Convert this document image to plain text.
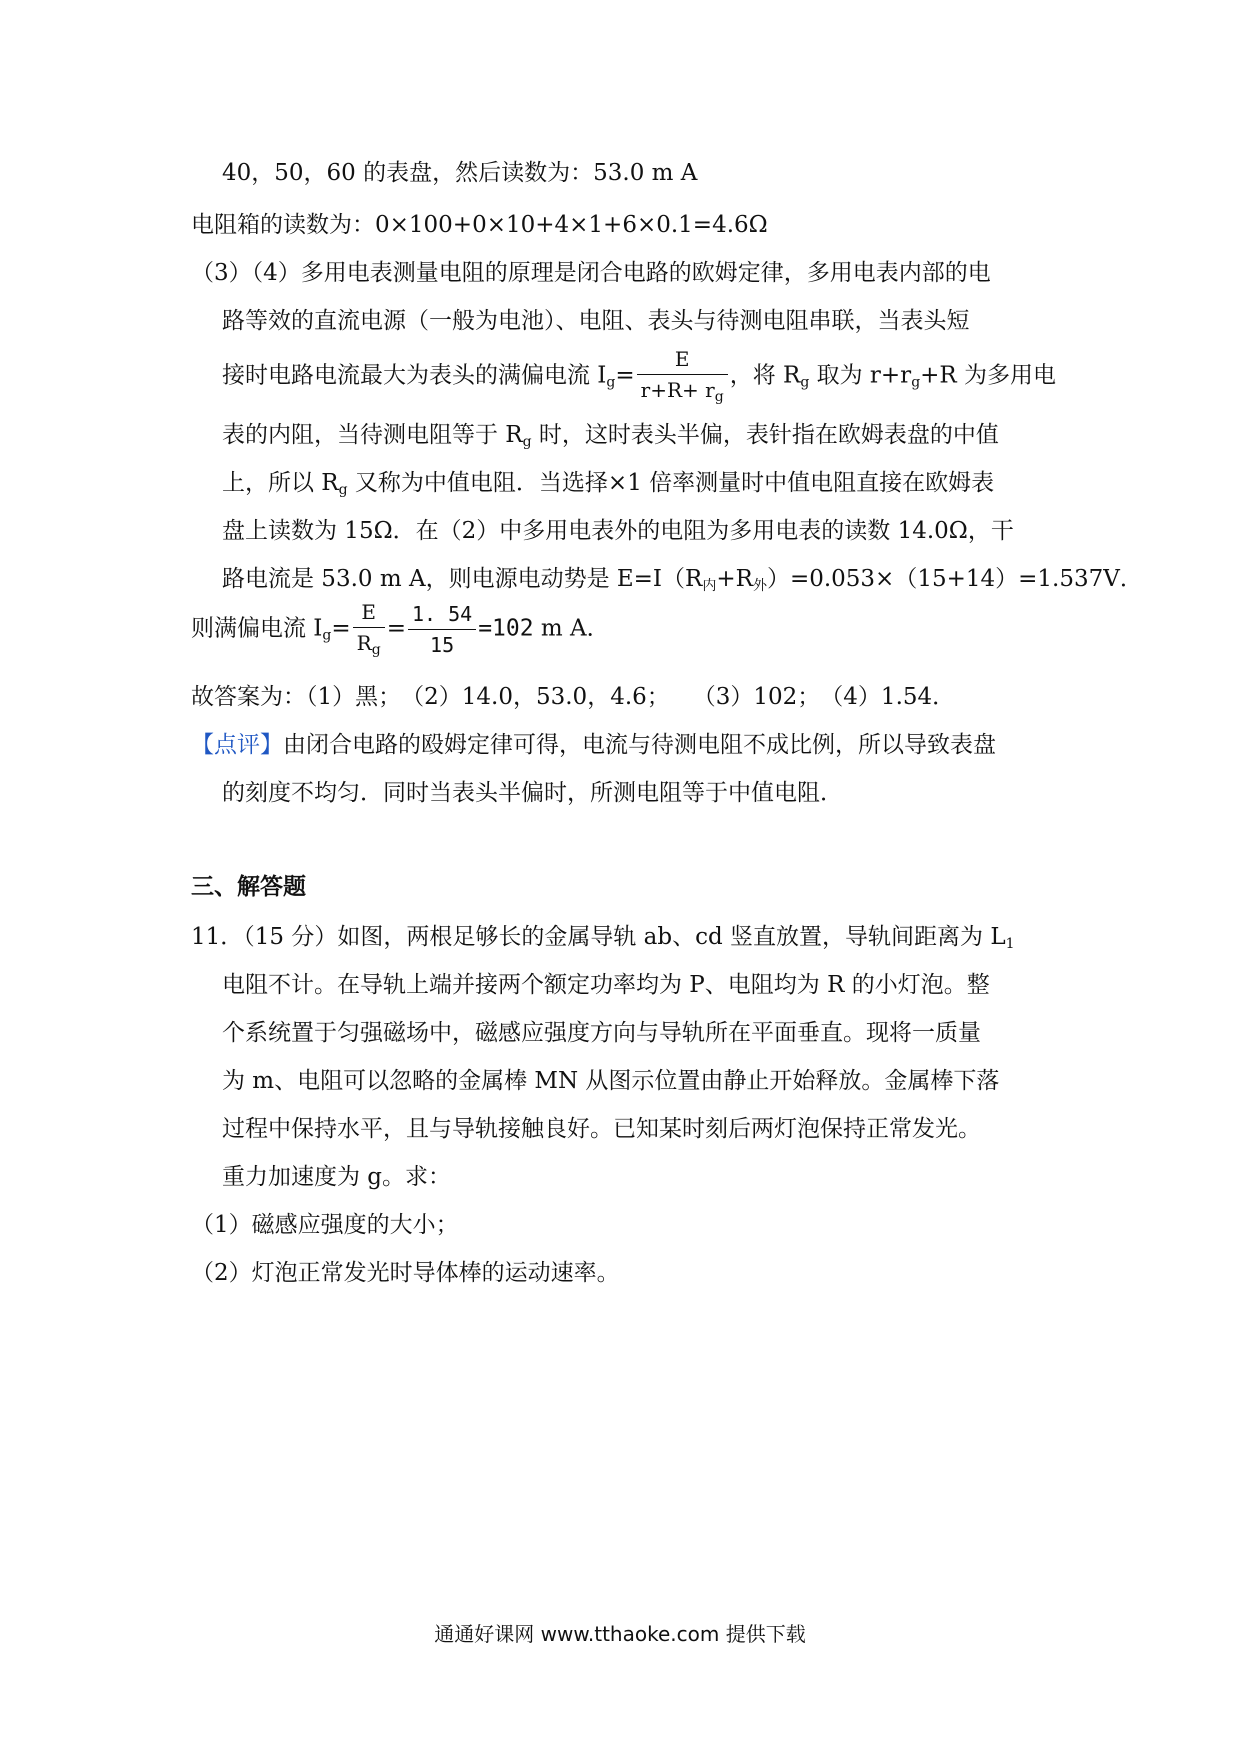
40，50，60 的表盘，然后读数为：53.0 m A
电阻箱的读数为：0×100+0×10+4×1+6×0.1=4.6Ω
（3）（4）多用电表测量电阻的原理是闭合电路的欧姆定律，多用电表内部的电
路等效的直流电源（一般为电池）、电阻、表头与待测电阻串联，当表头短
接时电路电流最大为表头的满偏电流 $I_g= \frac{E}{r+R+ r_g}$ ，将 $R_g$ 取为 $r+r_g+R$ 为多用电
表的内阻，当待测电阻等于 $R_g$ 时，这时表头半偏，表针指在欧姆表盘的中值
上，所以 $R_g$ 又称为中值电阻．当选择×1 倍率测量时中值电阻直接在欧姆表
盘上读数为 15Ω．在（2）中多用电表外的电阻为多用电表的读数 14.0Ω，干
路电流是 53.0 m A，则电源电动势是 $E=I(R_内+R_外)=0.053\times(15+14)=1.537V$．
则满偏电流 $I_g= \frac{E}{R_g} = \frac{1. 54}{15} =102$ m A．
故答案为：（1）黑；　（2）14.0，53.0，4.6；　　（3）102；　（4）1.54．
【点评】由闭合电路的殴姆定律可得，电流与待测电阻不成比例，所以导致表盘
的刻度不均匀．同时当表头半偏时，所测电阻等于中值电阻．
三、解答题
11．（15 分）如图，两根足够长的金属导轨 ab、cd 竖直放置，导轨间距离为 $L_1$
电阻不计。在导轨上端并接两个额定功率均为 P、电阻均为 R 的小灯泡。整
个系统置于匀强磁场中，磁感应强度方向与导轨所在平面垂直。现将一质量
为 m、电阻可以忽略的金属棒 MN 从图示位置由静止开始释放。金属棒下落
过程中保持水平，且与导轨接触良好。已知某时刻后两灯泡保持正常发光。
重力加速度为 g。求：
（1）磁感应强度的大小；
（2）灯泡正常发光时导体棒的运动速率。
通通好课网 www.tthaoke.com 提供下载
